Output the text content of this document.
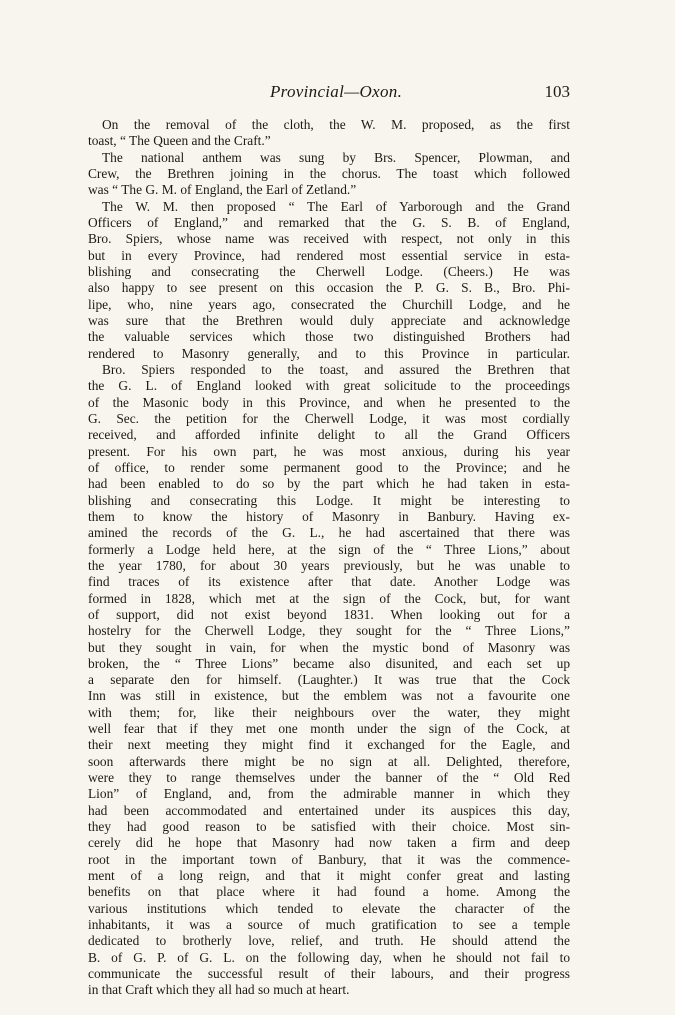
Provincial—Oxon.	103
On the removal of the cloth, the W. M. proposed, as the first
toast, “ The Queen and the Craft.”
The national anthem was sung by Brs. Spencer, Plowman, and
Crew, the Brethren joining in the chorus. The toast which followed
was “ The G. M. of England, the Earl of Zetland.”
The W. M. then proposed “ The Earl of Yarborough and the Grand
Officers of England,” and remarked that the G. S. B. of England,
Bro. Spiers, whose name was received with respect, not only in this
but in every Province, had rendered most essential service in esta-
blishing and consecrating the Cherwell Lodge. (Cheers.) He was
also happy to see present on this occasion the P. G. S. B., Bro. Phi-
lipe, who, nine years ago, consecrated the Churchill Lodge, and he
was sure that the Brethren would duly appreciate and acknowledge
the valuable services which those two distinguished Brothers had
rendered to Masonry generally, and to this Province in particular.
Bro. Spiers responded to the toast, and assured the Brethren that
the G. L. of England looked with great solicitude to the proceedings
of the Masonic body in this Province, and when he presented to the
G. Sec. the petition for the Cherwell Lodge, it was most cordially
received, and afforded infinite delight to all the Grand Officers
present. For his own part, he was most anxious, during his year
of office, to render some permanent good to the Province; and he
had been enabled to do so by the part which he had taken in esta-
blishing and consecrating this Lodge. It might be interesting to
them to know the history of Masonry in Banbury. Having ex-
amined the records of the G. L., he had ascertained that there was
formerly a Lodge held here, at the sign of the “ Three Lions,” about
the year 1780, for about 30 years previously, but he was unable to
find traces of its existence after that date. Another Lodge was
formed in 1828, which met at the sign of the Cock, but, for want
of support, did not exist beyond 1831. When looking out for a
hostelry for the Cherwell Lodge, they sought for the “ Three Lions,”
but they sought in vain, for when the mystic bond of Masonry was
broken, the “ Three Lions” became also disunited, and each set up
a separate den for himself. (Laughter.) It was true that the Cock
Inn was still in existence, but the emblem was not a favourite one
with them; for, like their neighbours over the water, they might
well fear that if they met one month under the sign of the Cock, at
their next meeting they might find it exchanged for the Eagle, and
soon afterwards there might be no sign at all. Delighted, therefore,
were they to range themselves under the banner of the “ Old Red
Lion” of England, and, from the admirable manner in which they
had been accommodated and entertained under its auspices this day,
they had good reason to be satisfied with their choice. Most sin-
cerely did he hope that Masonry had now taken a firm and deep
root in the important town of Banbury, that it was the commence-
ment of a long reign, and that it might confer great and lasting
benefits on that place where it had found a home. Among the
various institutions which tended to elevate the character of the
inhabitants, it was a source of much gratification to see a temple
dedicated to brotherly love, relief, and truth. He should attend the
B. of G. P. of G. L. on the following day, when he should not fail to
communicate the successful result of their labours, and their progress
in that Craft which they all had so much at heart.
